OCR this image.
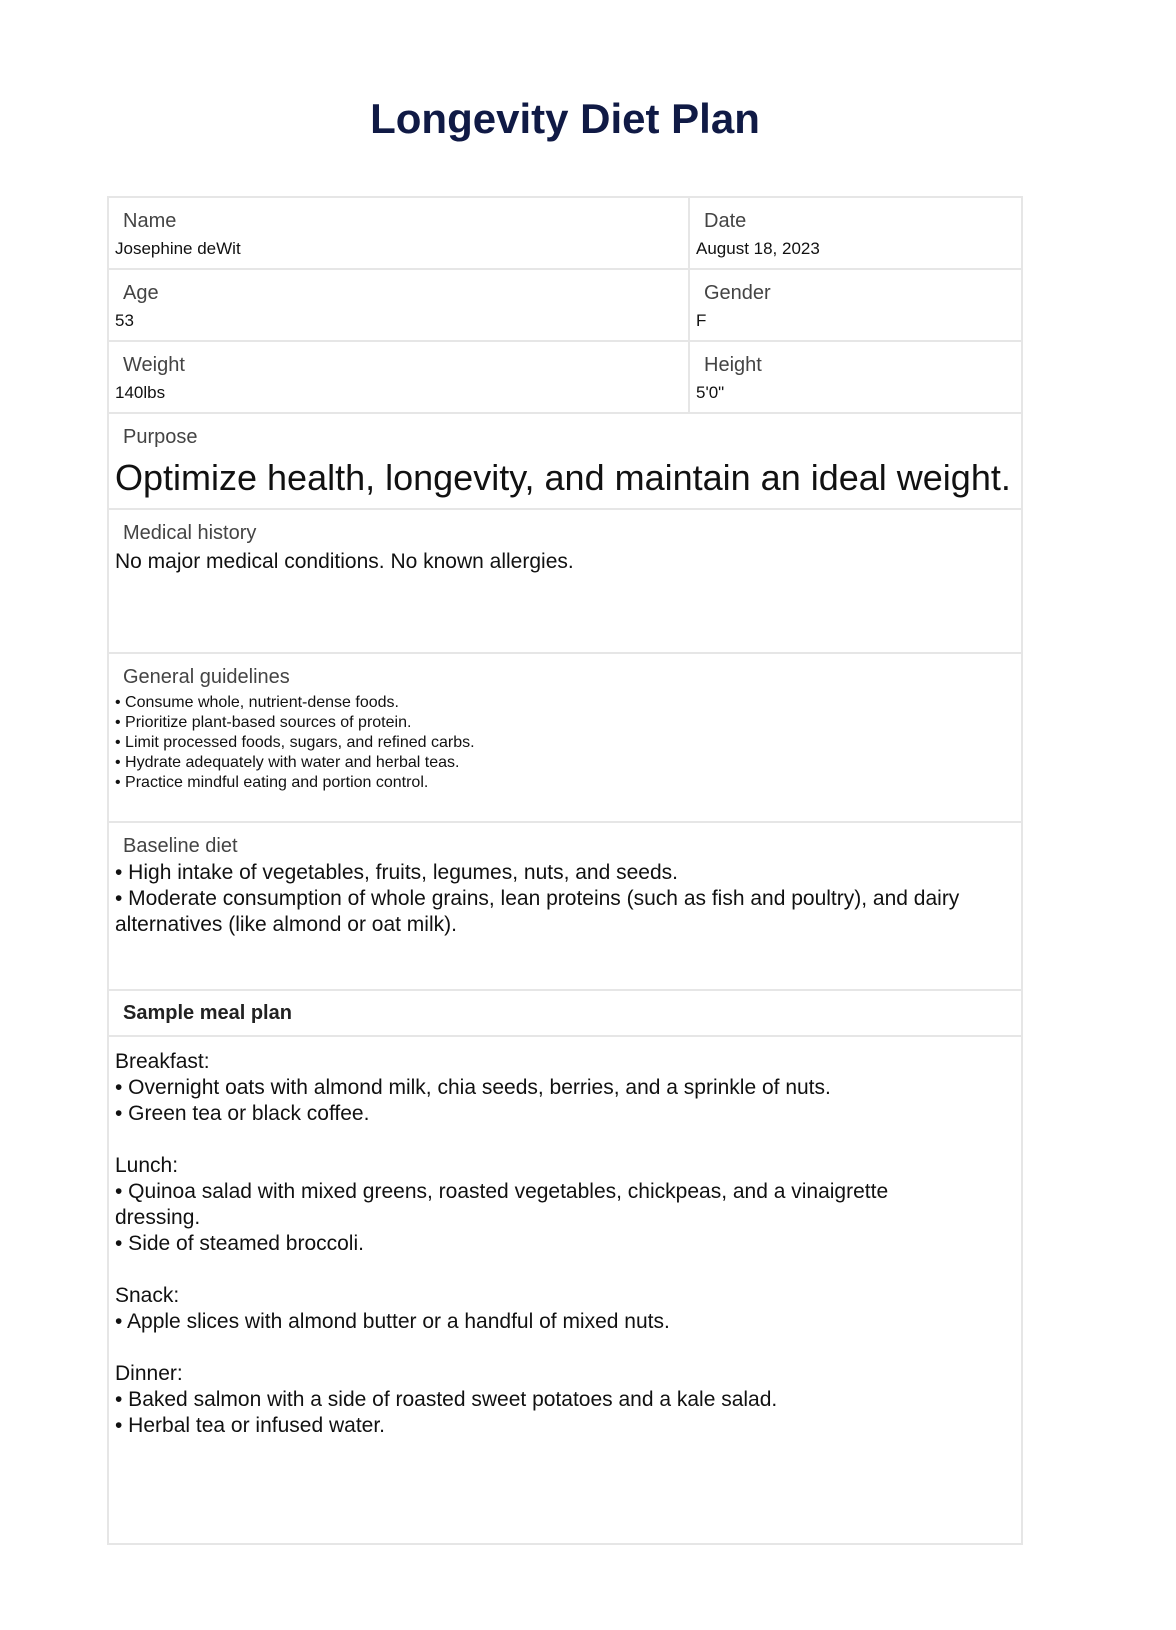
Longevity Diet Plan
Name
Josephine deWit
Date
August 18, 2023
Age
53
Gender
F
Weight
140lbs
Height
5'0"
Purpose
Optimize health, longevity, and maintain an ideal weight.
Medical history
No major medical conditions. No known allergies.
General guidelines
• Consume whole, nutrient-dense foods.
• Prioritize plant-based sources of protein.
• Limit processed foods, sugars, and refined carbs.
• Hydrate adequately with water and herbal teas.
• Practice mindful eating and portion control.
Baseline diet
• High intake of vegetables, fruits, legumes, nuts, and seeds.
• Moderate consumption of whole grains, lean proteins (such as fish and poultry), and dairy alternatives (like almond or oat milk).
Sample meal plan
Breakfast:
• Overnight oats with almond milk, chia seeds, berries, and a sprinkle of nuts.
• Green tea or black coffee.
Lunch:
• Quinoa salad with mixed greens, roasted vegetables, chickpeas, and a vinaigrette dressing.
• Side of steamed broccoli.
Snack:
• Apple slices with almond butter or a handful of mixed nuts.
Dinner:
• Baked salmon with a side of roasted sweet potatoes and a kale salad.
• Herbal tea or infused water.
